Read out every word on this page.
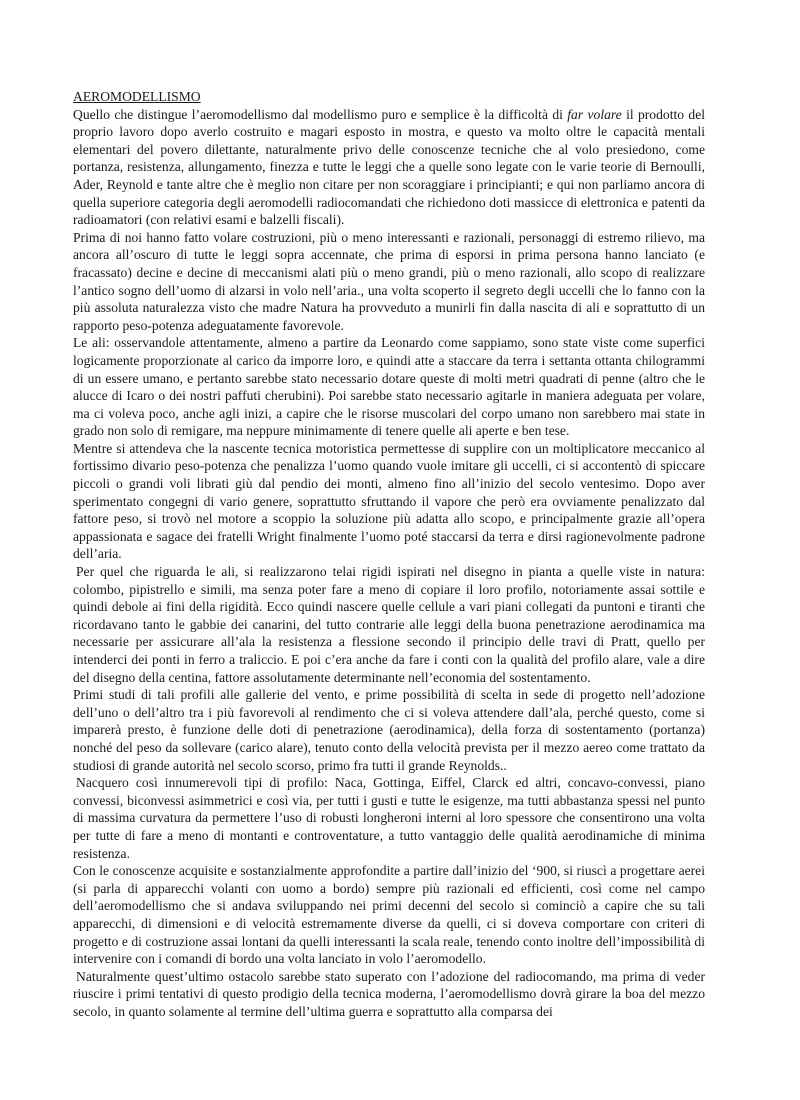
AEROMODELLISMO

Quello che distingue l’aeromodellismo dal modellismo puro e semplice è la difficoltà di far volare il prodotto del proprio lavoro dopo averlo costruito e magari esposto in mostra, e questo va molto oltre le capacità mentali elementari del povero dilettante, naturalmente privo delle conoscenze tecniche che al volo presiedono, come portanza, resistenza, allungamento, finezza e tutte le leggi che a quelle sono legate con le varie teorie di Bernoulli, Ader, Reynold e tante altre che è meglio non citare per non scoraggiare i principianti; e qui non parliamo ancora di quella superiore categoria degli aeromodelli radiocomandati che richiedono doti massicce di elettronica e patenti da radioamatori (con relativi esami e balzelli fiscali).

Prima di noi hanno fatto volare costruzioni, più o meno interessanti e razionali, personaggi di estremo rilievo, ma ancora all’oscuro di tutte le leggi sopra accennate, che prima di esporsi in prima persona hanno lanciato (e fracassato) decine e decine di meccanismi alati più o meno grandi, più o meno razionali, allo scopo di realizzare l’antico sogno dell’uomo di alzarsi in volo nell’aria., una volta scoperto il segreto degli uccelli che lo fanno con la più assoluta naturalezza visto che madre Natura ha provveduto a munirli fin dalla nascita di ali e soprattutto di un rapporto peso-potenza adeguatamente favorevole.

Le ali: osservandole attentamente, almeno a partire da Leonardo come sappiamo, sono state viste come superfici logicamente proporzionate al carico da imporre loro, e quindi atte a staccare da terra i settanta ottanta chilogrammi di un essere umano, e pertanto sarebbe stato necessario dotare queste di molti metri quadrati di penne (altro che le alucce di Icaro o dei nostri paffuti cherubini). Poi sarebbe stato necessario agitarle in maniera adeguata per volare, ma ci voleva poco, anche agli inizi, a capire che le risorse muscolari del corpo umano non sarebbero mai state in grado non solo di remigare, ma neppure minimamente di tenere quelle ali aperte e ben tese.

Mentre si attendeva che la nascente tecnica motoristica permettesse di supplire con un moltiplicatore meccanico al fortissimo divario peso-potenza che penalizza l’uomo quando vuole imitare gli uccelli, ci si accontentò di spiccare piccoli o grandi voli librati giù dal pendio dei monti, almeno fino all’inizio del secolo ventesimo. Dopo aver sperimentato congegni di vario genere, soprattutto sfruttando il vapore che però era ovviamente penalizzato dal fattore peso, si trovò nel motore a scoppio la soluzione più adatta allo scopo, e principalmente grazie all’opera appassionata e sagace dei fratelli Wright finalmente l’uomo poté staccarsi da terra e dirsi ragionevolmente padrone dell’aria.

Per quel che riguarda le ali, si realizzarono telai rigidi ispirati nel disegno in pianta a quelle viste in natura: colombo, pipistrello e simili, ma senza poter fare a meno di copiare il loro profilo, notoriamente assai sottile e quindi debole ai fini della rigidità. Ecco quindi nascere quelle cellule a vari piani collegati da puntoni e tiranti che ricordavano tanto le gabbie dei canarini, del tutto contrarie alle leggi della buona penetrazione aerodinamica ma necessarie per assicurare all’ala la resistenza a flessione secondo il principio delle travi di Pratt, quello per intenderci dei ponti in ferro a traliccio. E poi c’era anche da fare i conti con la qualità del profilo alare, vale a dire del disegno della centina, fattore assolutamente determinante nell’economia del sostentamento.

Primi studi di tali profili alle gallerie del vento, e prime possibilità di scelta in sede di progetto nell’adozione dell’uno o dell’altro tra i più favorevoli al rendimento che ci si voleva attendere dall’ala, perché questo, come si imparerà presto, è funzione delle doti di penetrazione (aerodinamica), della forza di sostentamento (portanza) nonché del peso da sollevare (carico alare), tenuto conto della velocità prevista per il mezzo aereo come trattato da studiosi di grande autorità nel secolo scorso, primo fra tutti il grande Reynolds..

Nacquero così innumerevoli tipi di profilo: Naca, Gottinga, Eiffel, Clarck ed altri, concavo-convessi, piano convessi, biconvessi asimmetrici e così via, per tutti i gusti e tutte le esigenze, ma tutti abbastanza spessi nel punto di massima curvatura da permettere l’uso di robusti longheroni interni al loro spessore che consentirono una volta per tutte di fare a meno di montanti e controventature, a tutto vantaggio delle qualità aerodinamiche di minima resistenza.

Con le conoscenze acquisite e sostanzialmente approfondite a partire dall’inizio del ‘900, si riuscì a progettare aerei (si parla di apparecchi volanti con uomo a bordo) sempre più razionali ed efficienti, così come nel campo dell’aeromodellismo che si andava sviluppando nei primi decenni del secolo si cominciò a capire che su tali apparecchi, di dimensioni e di velocità estremamente diverse da quelli, ci si doveva comportare con criteri di progetto e di costruzione assai lontani da quelli interessanti la scala reale, tenendo conto inoltre dell’impossibilità di intervenire con i comandi di bordo una volta lanciato in volo l’aeromodello.

Naturalmente quest’ultimo ostacolo sarebbe stato superato con l’adozione del radiocomando, ma prima di veder riuscire i primi tentativi di questo prodigio della tecnica moderna, l’aeromodellismo dovrà girare la boa del mezzo secolo, in quanto solamente al termine dell’ultima guerra e soprattutto alla comparsa dei
